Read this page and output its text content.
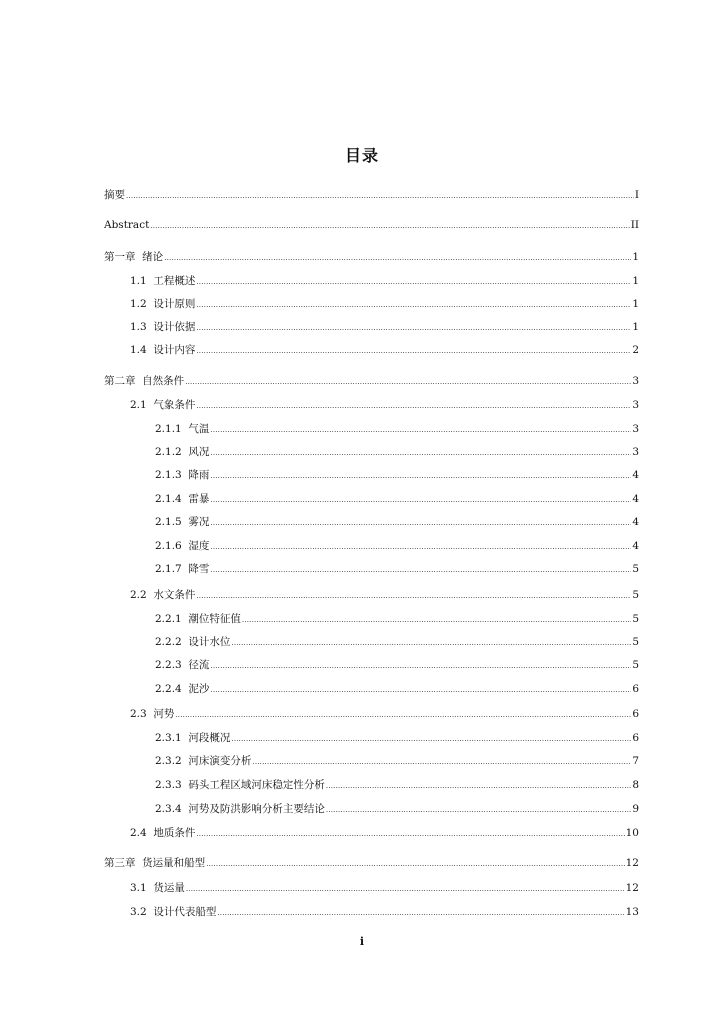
目录
摘要 .....	I
Abstract .....	II
第一章  绪论 .....	1
1.1  工程概述 .....	1
1.2  设计原则 .....	1
1.3  设计依据 .....	1
1.4  设计内容 .....	2
第二章  自然条件 .....	3
2.1  气象条件 .....	3
2.1.1  气温 .....	3
2.1.2  风况 .....	3
2.1.3  降雨 .....	4
2.1.4  雷暴 .....	4
2.1.5  雾况 .....	4
2.1.6  湿度 .....	4
2.1.7  降雪 .....	5
2.2  水文条件 .....	5
2.2.1  潮位特征值 .....	5
2.2.2  设计水位 .....	5
2.2.3  径流 .....	5
2.2.4  泥沙 .....	6
2.3  河势 .....	6
2.3.1  河段概况 .....	6
2.3.2  河床演变分析 .....	7
2.3.3  码头工程区域河床稳定性分析 .....	8
2.3.4  河势及防洪影响分析主要结论 .....	9
2.4  地质条件 .....	10
第三章  货运量和船型 .....	12
3.1  货运量 .....	12
3.2  设计代表船型 .....	13
i
